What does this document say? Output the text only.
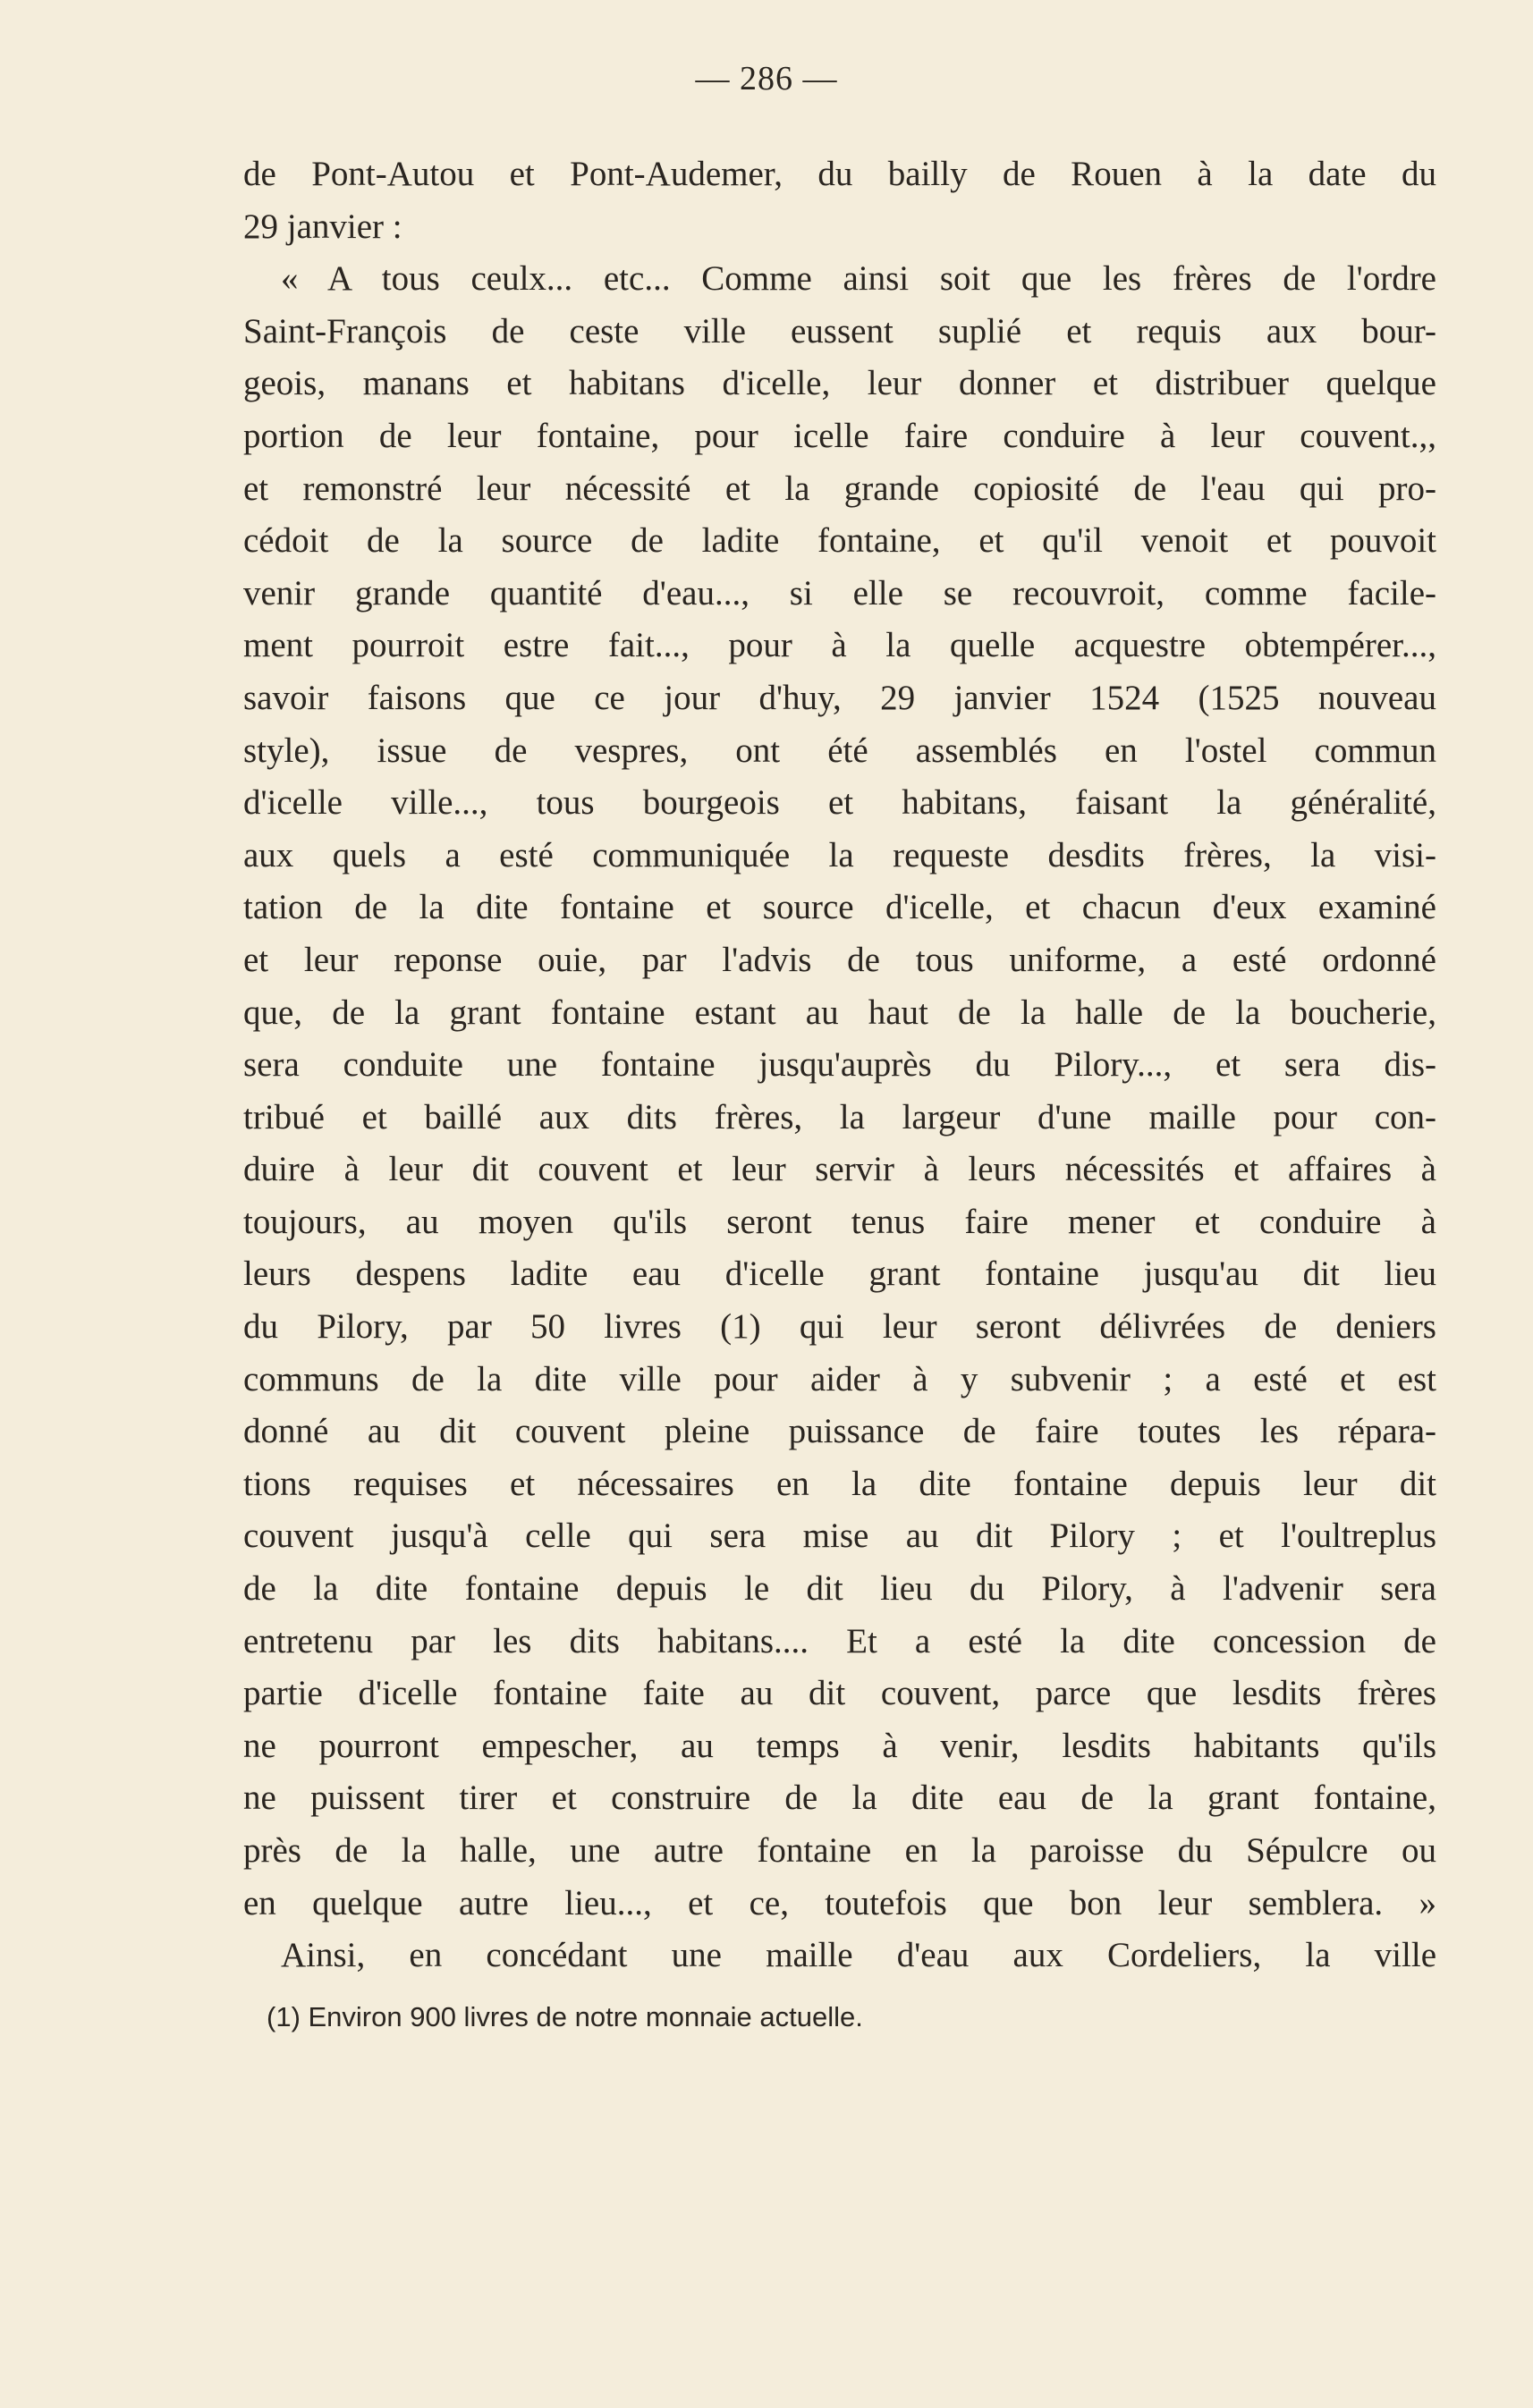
— 286 —
de Pont-Autou et Pont-Audemer, du bailly de Rouen à la date du
29 janvier :
« A tous ceulx... etc... Comme ainsi soit que les frères de l'ordre
Saint-François de ceste ville eussent suplié et requis aux bour-
geois, manans et habitans d'icelle, leur donner et distribuer quelque
portion de leur fontaine, pour icelle faire conduire à leur couvent.,,
et remonstré leur nécessité et la grande copiosité de l'eau qui pro-
cédoit de la source de ladite fontaine, et qu'il venoit et pouvoit
venir grande quantité d'eau..., si elle se recouvroit, comme facile-
ment pourroit estre fait..., pour à la quelle acquestre obtempérer...,
savoir faisons que ce jour d'huy, 29 janvier 1524 (1525 nouveau
style), issue de vespres, ont été assemblés en l'ostel commun
d'icelle ville..., tous bourgeois et habitans, faisant la généralité,
aux quels a esté communiquée la requeste desdits frères, la visi-
tation de la dite fontaine et source d'icelle, et chacun d'eux examiné
et leur reponse ouie, par l'advis de tous uniforme, a esté ordonné
que, de la grant fontaine estant au haut de la halle de la boucherie,
sera conduite une fontaine jusqu'auprès du Pilory..., et sera dis-
tribué et baillé aux dits frères, la largeur d'une maille pour con-
duire à leur dit couvent et leur servir à leurs nécessités et affaires à
toujours, au moyen qu'ils seront tenus faire mener et conduire à
leurs despens ladite eau d'icelle grant fontaine jusqu'au dit lieu
du Pilory, par 50 livres (1) qui leur seront délivrées de deniers
communs de la dite ville pour aider à y subvenir ; a esté et est
donné au dit couvent pleine puissance de faire toutes les répara-
tions requises et nécessaires en la dite fontaine depuis leur dit
couvent jusqu'à celle qui sera mise au dit Pilory ; et l'oultreplus
de la dite fontaine depuis le dit lieu du Pilory, à l'advenir sera
entretenu par les dits habitans.... Et a esté la dite concession de
partie d'icelle fontaine faite au dit couvent, parce que lesdits frères
ne pourront empescher, au temps à venir, lesdits habitants qu'ils
ne puissent tirer et construire de la dite eau de la grant fontaine,
près de la halle, une autre fontaine en la paroisse du Sépulcre ou
en quelque autre lieu..., et ce, toutefois que bon leur semblera. »
Ainsi, en concédant une maille d'eau aux Cordeliers, la ville
(1) Environ 900 livres de notre monnaie actuelle.
